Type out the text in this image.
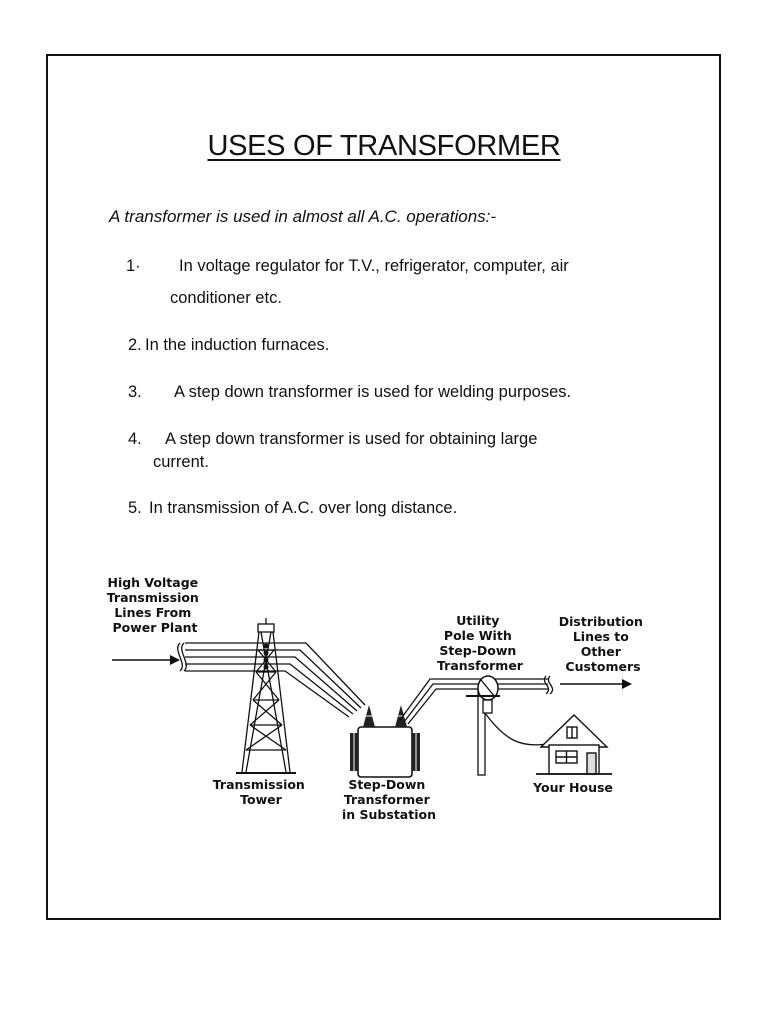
USES OF TRANSFORMER
A transformer is used in almost all A.C. operations:-
1· In voltage regulator for T.V., refrigerator, computer, air
conditioner etc.
2. In the induction furnaces.
3. A step down transformer is used for welding purposes.
4. A step down transformer is used for obtaining large
current.
5. In transmission of A.C. over long distance.
High Voltage Transmission Lines From Power Plant	Utility Pole With Step-Down Transformer
Distribution Lines to Other Customers
Transmission Tower
Step-Down Transformer in Substation
Your House
